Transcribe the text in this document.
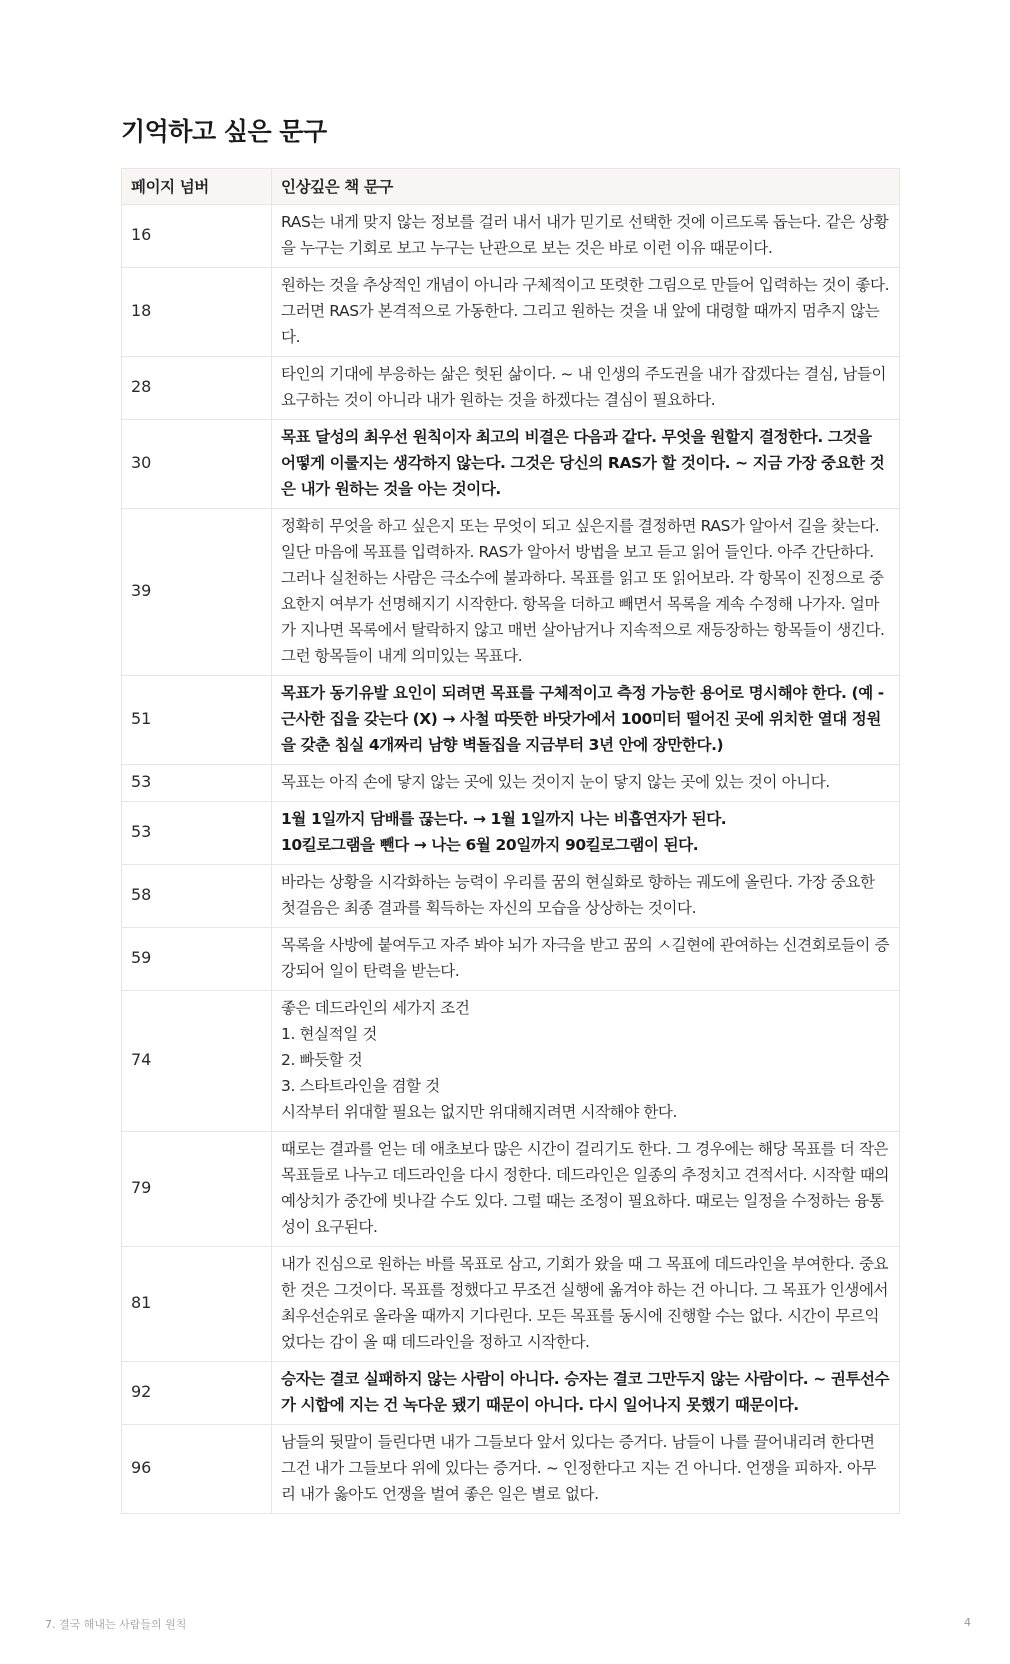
기억하고 싶은 문구
페이지 넘버	인상깊은 책 문구
16	RAS는 내게 맞지 않는 정보를 걸러 내서 내가 믿기로 선택한 것에 이르도록 돕는다. 같은 상황을 누구는 기회로 보고 누구는 난관으로 보는 것은 바로 이런 이유 때문이다.

18	원하는 것을 추상적인 개념이 아니라 구체적이고 또렷한 그림으로 만들어 입력하는 것이 좋다. 그러면 RAS가 본격적으로 가동한다. 그리고 원하는 것을 내 앞에 대령할 때까지 멈추지 않는다.

28	타인의 기대에 부응하는 삶은 헛된 삶이다. ~ 내 인생의 주도권을 내가 잡겠다는 결심, 남들이 요구하는 것이 아니라 내가 원하는 것을 하겠다는 결심이 필요하다.

30	목표 달성의 최우선 원칙이자 최고의 비결은 다음과 같다. 무엇을 원할지 결정한다. 그것을 어떻게 이룰지는 생각하지 않는다. 그것은 당신의 RAS가 할 것이다. ~ 지금 가장 중요한 것은 내가 원하는 것을 아는 것이다.

39	정확히 무엇을 하고 싶은지 또는 무엇이 되고 싶은지를 결정하면 RAS가 알아서 길을 찾는다. 일단 마음에 목표를 입력하자. RAS가 알아서 방법을 보고 듣고 읽어 들인다. 아주 간단하다. 그러나 실천하는 사람은 극소수에 불과하다. 목표를 읽고 또 읽어보라. 각 항목이 진정으로 중요한지 여부가 선명해지기 시작한다. 항목을 더하고 빼면서 목록을 계속 수정해 나가자. 얼마가 지나면 목록에서 탈락하지 않고 매번 살아남거나 지속적으로 재등장하는 항목들이 생긴다. 그런 항목들이 내게 의미있는 목표다.

51	목표가 동기유발 요인이 되려면 목표를 구체적이고 측정 가능한 용어로 명시해야 한다. (예 - 근사한 집을 갖는다 (X) → 사철 따뜻한 바닷가에서 100미터 떨어진 곳에 위치한 열대 정원을 갖춘 침실 4개짜리 남향 벽돌집을 지금부터 3년 안에 장만한다.)

53	목표는 아직 손에 닿지 않는 곳에 있는 것이지 눈이 닿지 않는 곳에 있는 것이 아니다.

53	1월 1일까지 담배를 끊는다. → 1월 1일까지 나는 비흡연자가 된다.
10킬로그램을 뺀다 → 나는 6월 20일까지 90킬로그램이 된다.

58	바라는 상황을 시각화하는 능력이 우리를 꿈의 현실화로 향하는 궤도에 올린다. 가장 중요한 첫걸음은 최종 결과를 획득하는 자신의 모습을 상상하는 것이다.

59	목록을 사방에 붙여두고 자주 봐야 뇌가 자극을 받고 꿈의 ㅅ길현에 관여하는 신견회로들이 증강되어 일이 탄력을 받는다.

74	좋은 데드라인의 세가지 조건
1. 현실적일 것
2. 빠듯할 것
3. 스타트라인을 겸할 것
시작부터 위대할 필요는 없지만 위대해지려면 시작해야 한다.

79	때로는 결과를 얻는 데 애초보다 많은 시간이 걸리기도 한다. 그 경우에는 해당 목표를 더 작은 목표들로 나누고 데드라인을 다시 정한다. 데드라인은 일종의 추정치고 견적서다. 시작할 때의 예상치가 중간에 빗나갈 수도 있다. 그럴 때는 조정이 필요하다. 때로는 일정을 수정하는 융통성이 요구된다.

81	내가 진심으로 원하는 바를 목표로 삼고, 기회가 왔을 때 그 목표에 데드라인을 부여한다. 중요한 것은 그것이다. 목표를 정했다고 무조건 실행에 옮겨야 하는 건 아니다. 그 목표가 인생에서 최우선순위로 올라올 때까지 기다린다. 모든 목표를 동시에 진행할 수는 없다. 시간이 무르익었다는 감이 올 때 데드라인을 정하고 시작한다.

92	승자는 결코 실패하지 않는 사람이 아니다. 승자는 결코 그만두지 않는 사람이다. ~ 권투선수가 시합에 지는 건 녹다운 됐기 때문이 아니다. 다시 일어나지 못했기 때문이다.

96	남들의 뒷말이 들린다면 내가 그들보다 앞서 있다는 증거다. 남들이 나를 끌어내리려 한다면 그건 내가 그들보다 위에 있다는 증거다. ~ 인정한다고 지는 건 아니다. 언쟁을 피하자. 아무리 내가 옳아도 언쟁을 벌여 좋은 일은 별로 없다.
7. 결국 해내는 사람들의 원칙	4
